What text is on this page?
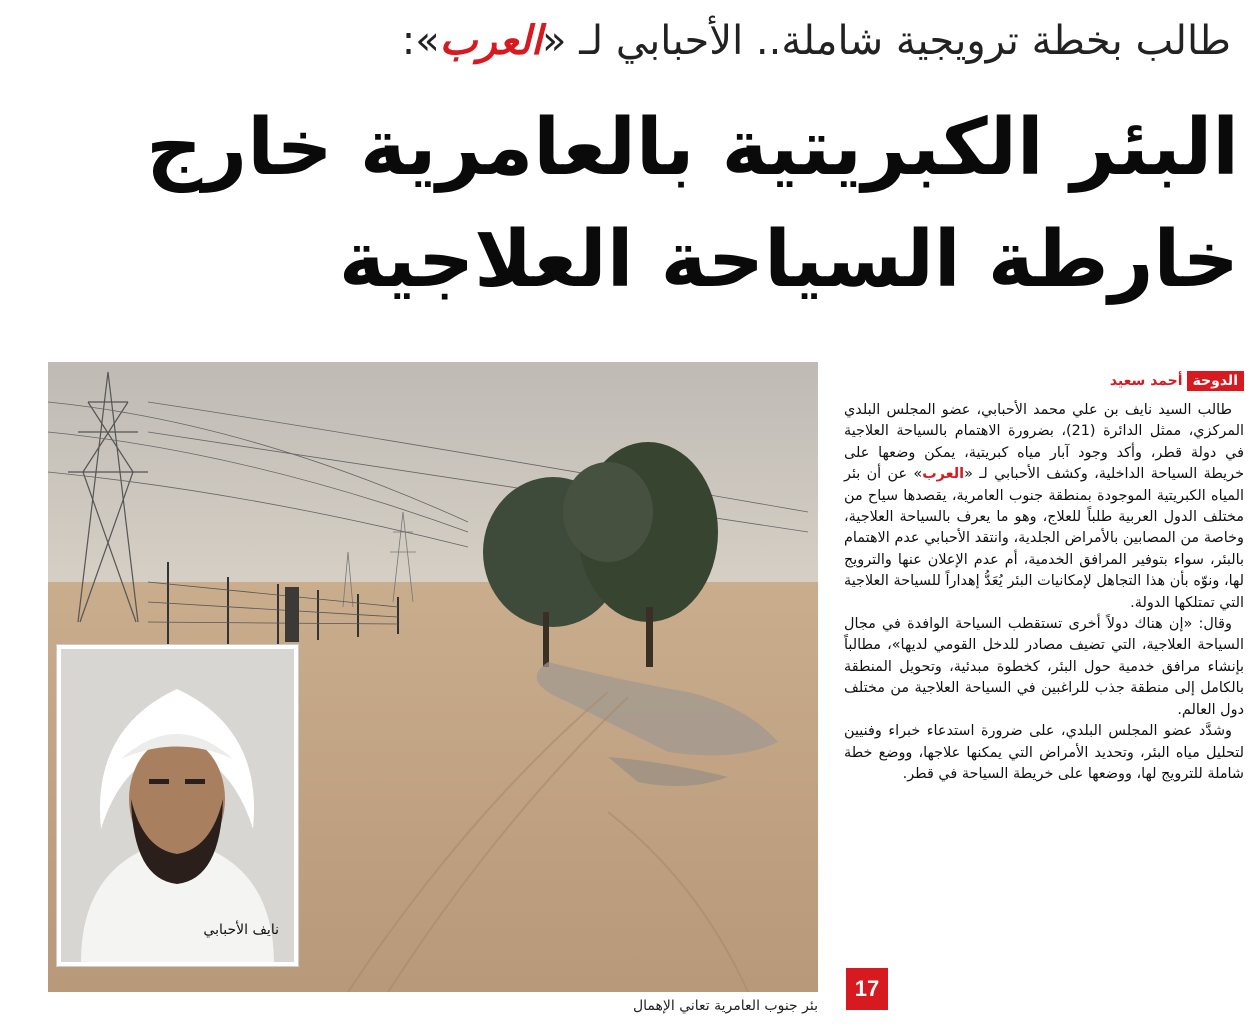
طالب بخطة ترويجية شاملة.. الأحبابي لـ «العرب»:
البئر الكبريتية بالعامرية خارج
خارطة السياحة العلاجية
نايف الأحبابي
بئر جنوب العامرية تعاني الإهمال
الدوحة
أحمد سعيد

طالب السيد نايف بن علي محمد الأحبابي، عضو المجلس البلدي المركزي، ممثل الدائرة (21)، بضرورة الاهتمام بالسياحة العلاجية في دولة قطر، وأكد وجود آبار مياه كبريتية، يمكن وضعها على خريطة السياحة الداخلية، وكشف الأحبابي لـ «العرب» عن أن بئر المياه الكبريتية الموجودة بمنطقة جنوب العامرية، يقصدها سياح من مختلف الدول العربية طلباً للعلاج، وهو ما يعرف بالسياحة العلاجية، وخاصة من المصابين بالأمراض الجلدية، وانتقد الأحبابي عدم الاهتمام بالبئر، سواء بتوفير المرافق الخدمية، أم عدم الإعلان عنها والترويج لها، ونوّه بأن هذا التجاهل لإمكانيات البئر يُعَدُّ إهداراً للسياحة العلاجية التي تمتلكها الدولة.

وقال: «إن هناك دولاً أخرى تستقطب السياحة الوافدة في مجال السياحة العلاجية، التي تضيف مصادر للدخل القومي لديها»، مطالباً بإنشاء مرافق خدمية حول البئر، كخطوة مبدئية، وتحويل المنطقة بالكامل إلى منطقة جذب للراغبين في السياحة العلاجية من مختلف دول العالم.

وشدَّد عضو المجلس البلدي، على ضرورة استدعاء خبراء وفنيين لتحليل مياه البئر، وتحديد الأمراض التي يمكنها علاجها، ووضع خطة شاملة للترويج لها، ووضعها على خريطة السياحة في قطر.

17
